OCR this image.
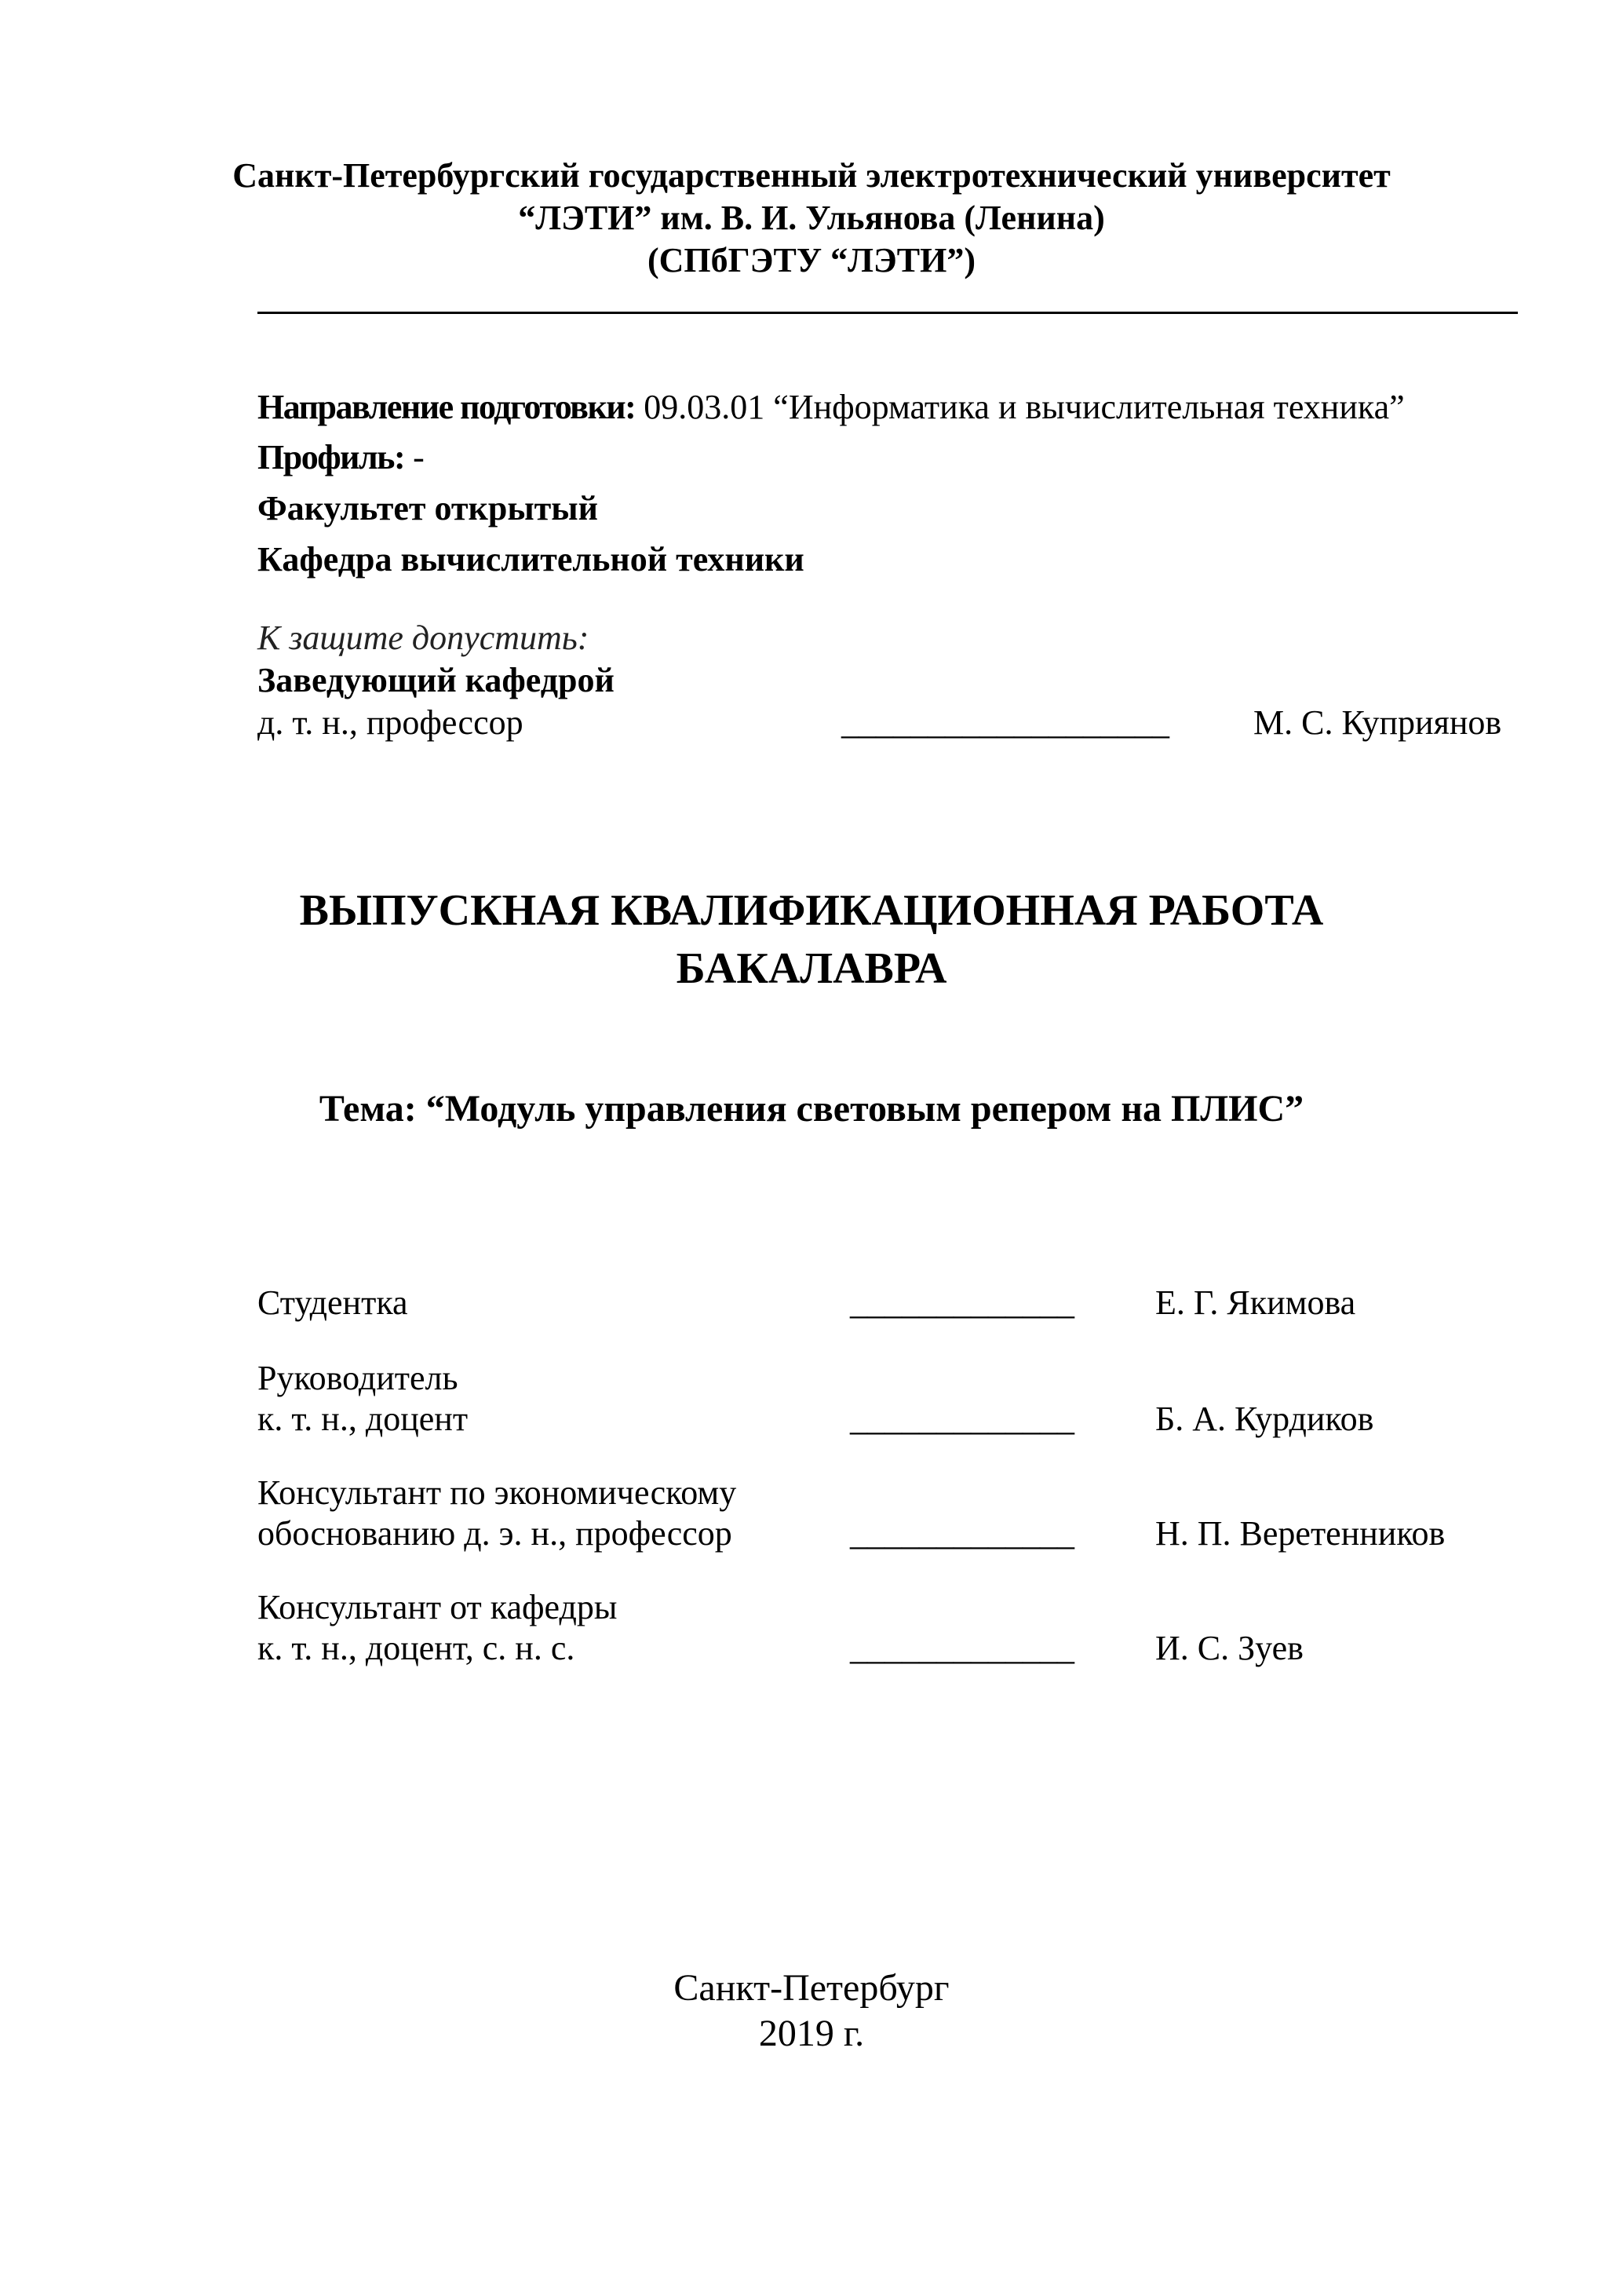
Санкт-Петербургский государственный электротехнический университет
“ЛЭТИ” им. В. И. Ульянова (Ленина)
(СПбГЭТУ “ЛЭТИ”)
Направление подготовки: 09.03.01 “Информатика и вычислительная техника”
Профиль: -
Факультет открытый
Кафедра вычислительной техники
К защите допустить:
Заведующий кафедрой
д. т. н., профессор	___________________ М. С. Куприянов
ВЫПУСКНАЯ КВАЛИФИКАЦИОННАЯ РАБОТА
БАКАЛАВРА
Тема: “Модуль управления световым репером на ПЛИС”
Студентка	_____________ Е. Г. Якимова
Руководитель
к. т. н., доцент	_____________ Б. А. Курдиков
Консультант по экономическому
обоснованию д. э. н., профессор	_____________ Н. П. Веретенников
Консультант от кафедры
к. т. н., доцент, с. н. с.	_____________ И. С. Зуев
Санкт-Петербург
2019 г.
